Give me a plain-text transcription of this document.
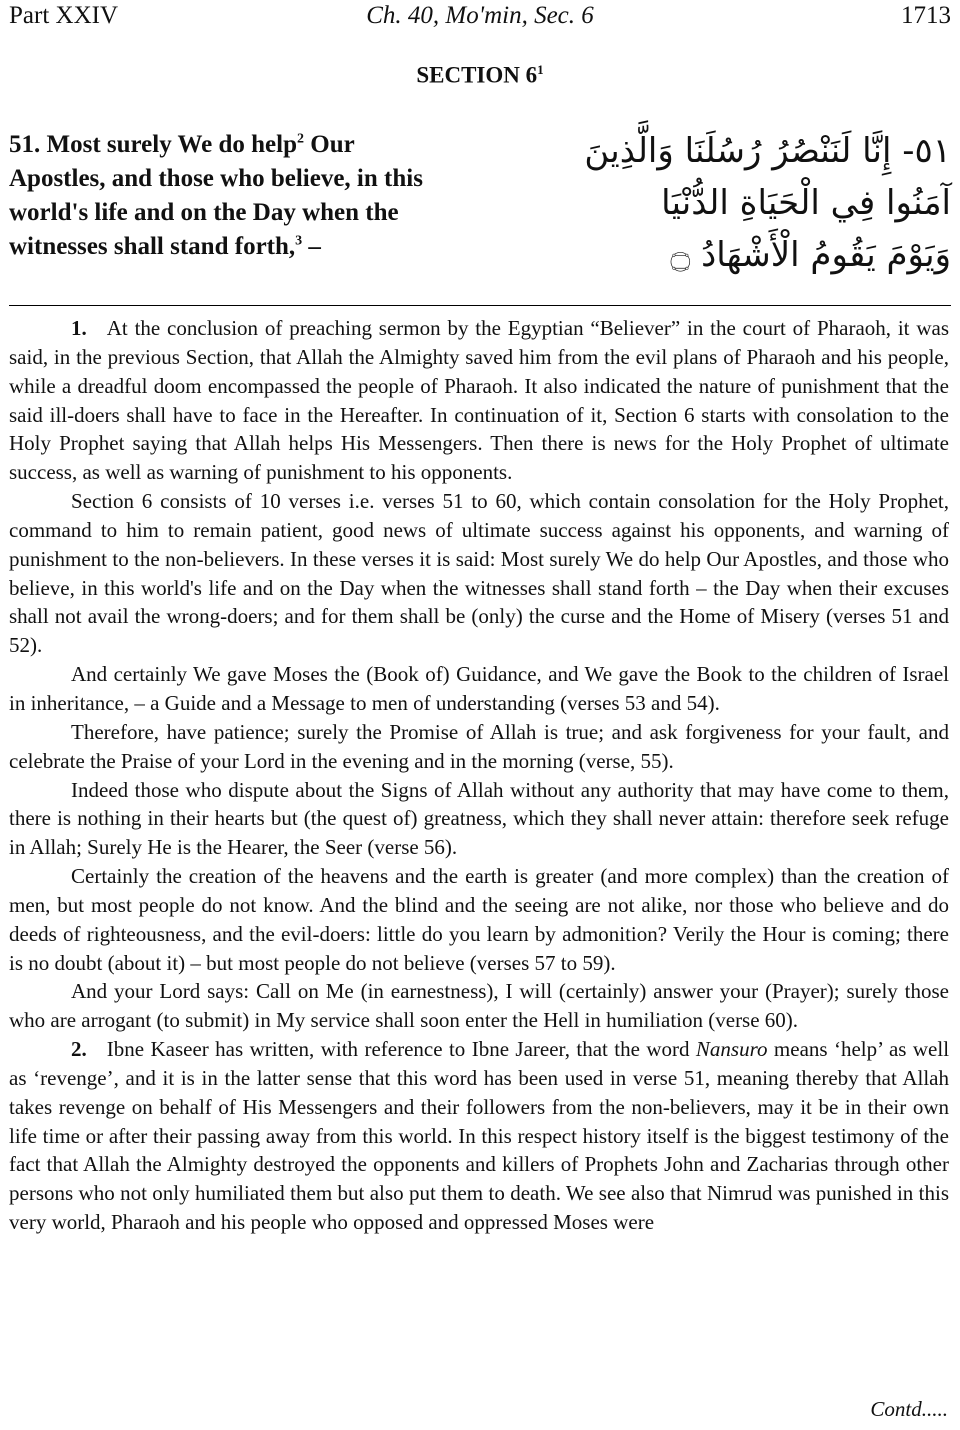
Part XXIV	Ch. 40, Mo'min, Sec. 6	1713
SECTION $6^1$
51. Most surely We do help$^2$ Our Apostles, and those who believe, in this world's life and on the Day when the witnesses shall stand forth,$^3$ –
٥١- إِنَّا لَنَنْصُرُ رُسُلَنَا وَالَّذِينَ
آمَنُوا فِي الْحَيَاةِ الدُّنْيَا
وَيَوْمَ يَقُومُ الْأَشْهَادُ ۝

1. At the conclusion of preaching sermon by the Egyptian “Believer” in the court of Pharaoh, it was said, in the previous Section, that Allah the Almighty saved him from the evil plans of Pharaoh and his people, while a dreadful doom encompassed the people of Pharaoh. It also indicated the nature of punishment that the said ill-doers shall have to face in the Hereafter. In continuation of it, Section 6 starts with consolation to the Holy Prophet saying that Allah helps His Messengers. Then there is news for the Holy Prophet of ultimate success, as well as warning of punishment to his opponents.

Section 6 consists of 10 verses i.e. verses 51 to 60, which contain consolation for the Holy Prophet, command to him to remain patient, good news of ultimate success against his opponents, and warning of punishment to the non-believers. In these verses it is said: Most surely We do help Our Apostles, and those who believe, in this world's life and on the Day when the witnesses shall stand forth – the Day when their excuses shall not avail the wrong-doers; and for them shall be (only) the curse and the Home of Misery (verses 51 and 52).

And certainly We gave Moses the (Book of) Guidance, and We gave the Book to the children of Israel in inheritance, – a Guide and a Message to men of understanding (verses 53 and 54).

Therefore, have patience; surely the Promise of Allah is true; and ask forgiveness for your fault, and celebrate the Praise of your Lord in the evening and in the morning (verse, 55).

Indeed those who dispute about the Signs of Allah without any authority that may have come to them, there is nothing in their hearts but (the quest of) greatness, which they shall never attain: therefore seek refuge in Allah; Surely He is the Hearer, the Seer (verse 56).

Certainly the creation of the heavens and the earth is greater (and more complex) than the creation of men, but most people do not know. And the blind and the seeing are not alike, nor those who believe and do deeds of righteousness, and the evil-doers: little do you learn by admonition? Verily the Hour is coming; there is no doubt (about it) – but most people do not believe (verses 57 to 59).

And your Lord says: Call on Me (in earnestness), I will (certainly) answer your (Prayer); surely those who are arrogant (to submit) in My service shall soon enter the Hell in humiliation (verse 60).

2. Ibne Kaseer has written, with reference to Ibne Jareer, that the word Nansuro means ‘help’ as well as ‘revenge’, and it is in the latter sense that this word has been used in verse 51, meaning thereby that Allah takes revenge on behalf of His Messengers and their followers from the non-believers, may it be in their own life time or after their passing away from this world. In this respect history itself is the biggest testimony of the fact that Allah the Almighty destroyed the opponents and killers of Prophets John and Zacharias through other persons who not only humiliated them but also put them to death. We see also that Nimrud was punished in this very world, Pharaoh and his people who opposed and oppressed Moses were

Contd.....
